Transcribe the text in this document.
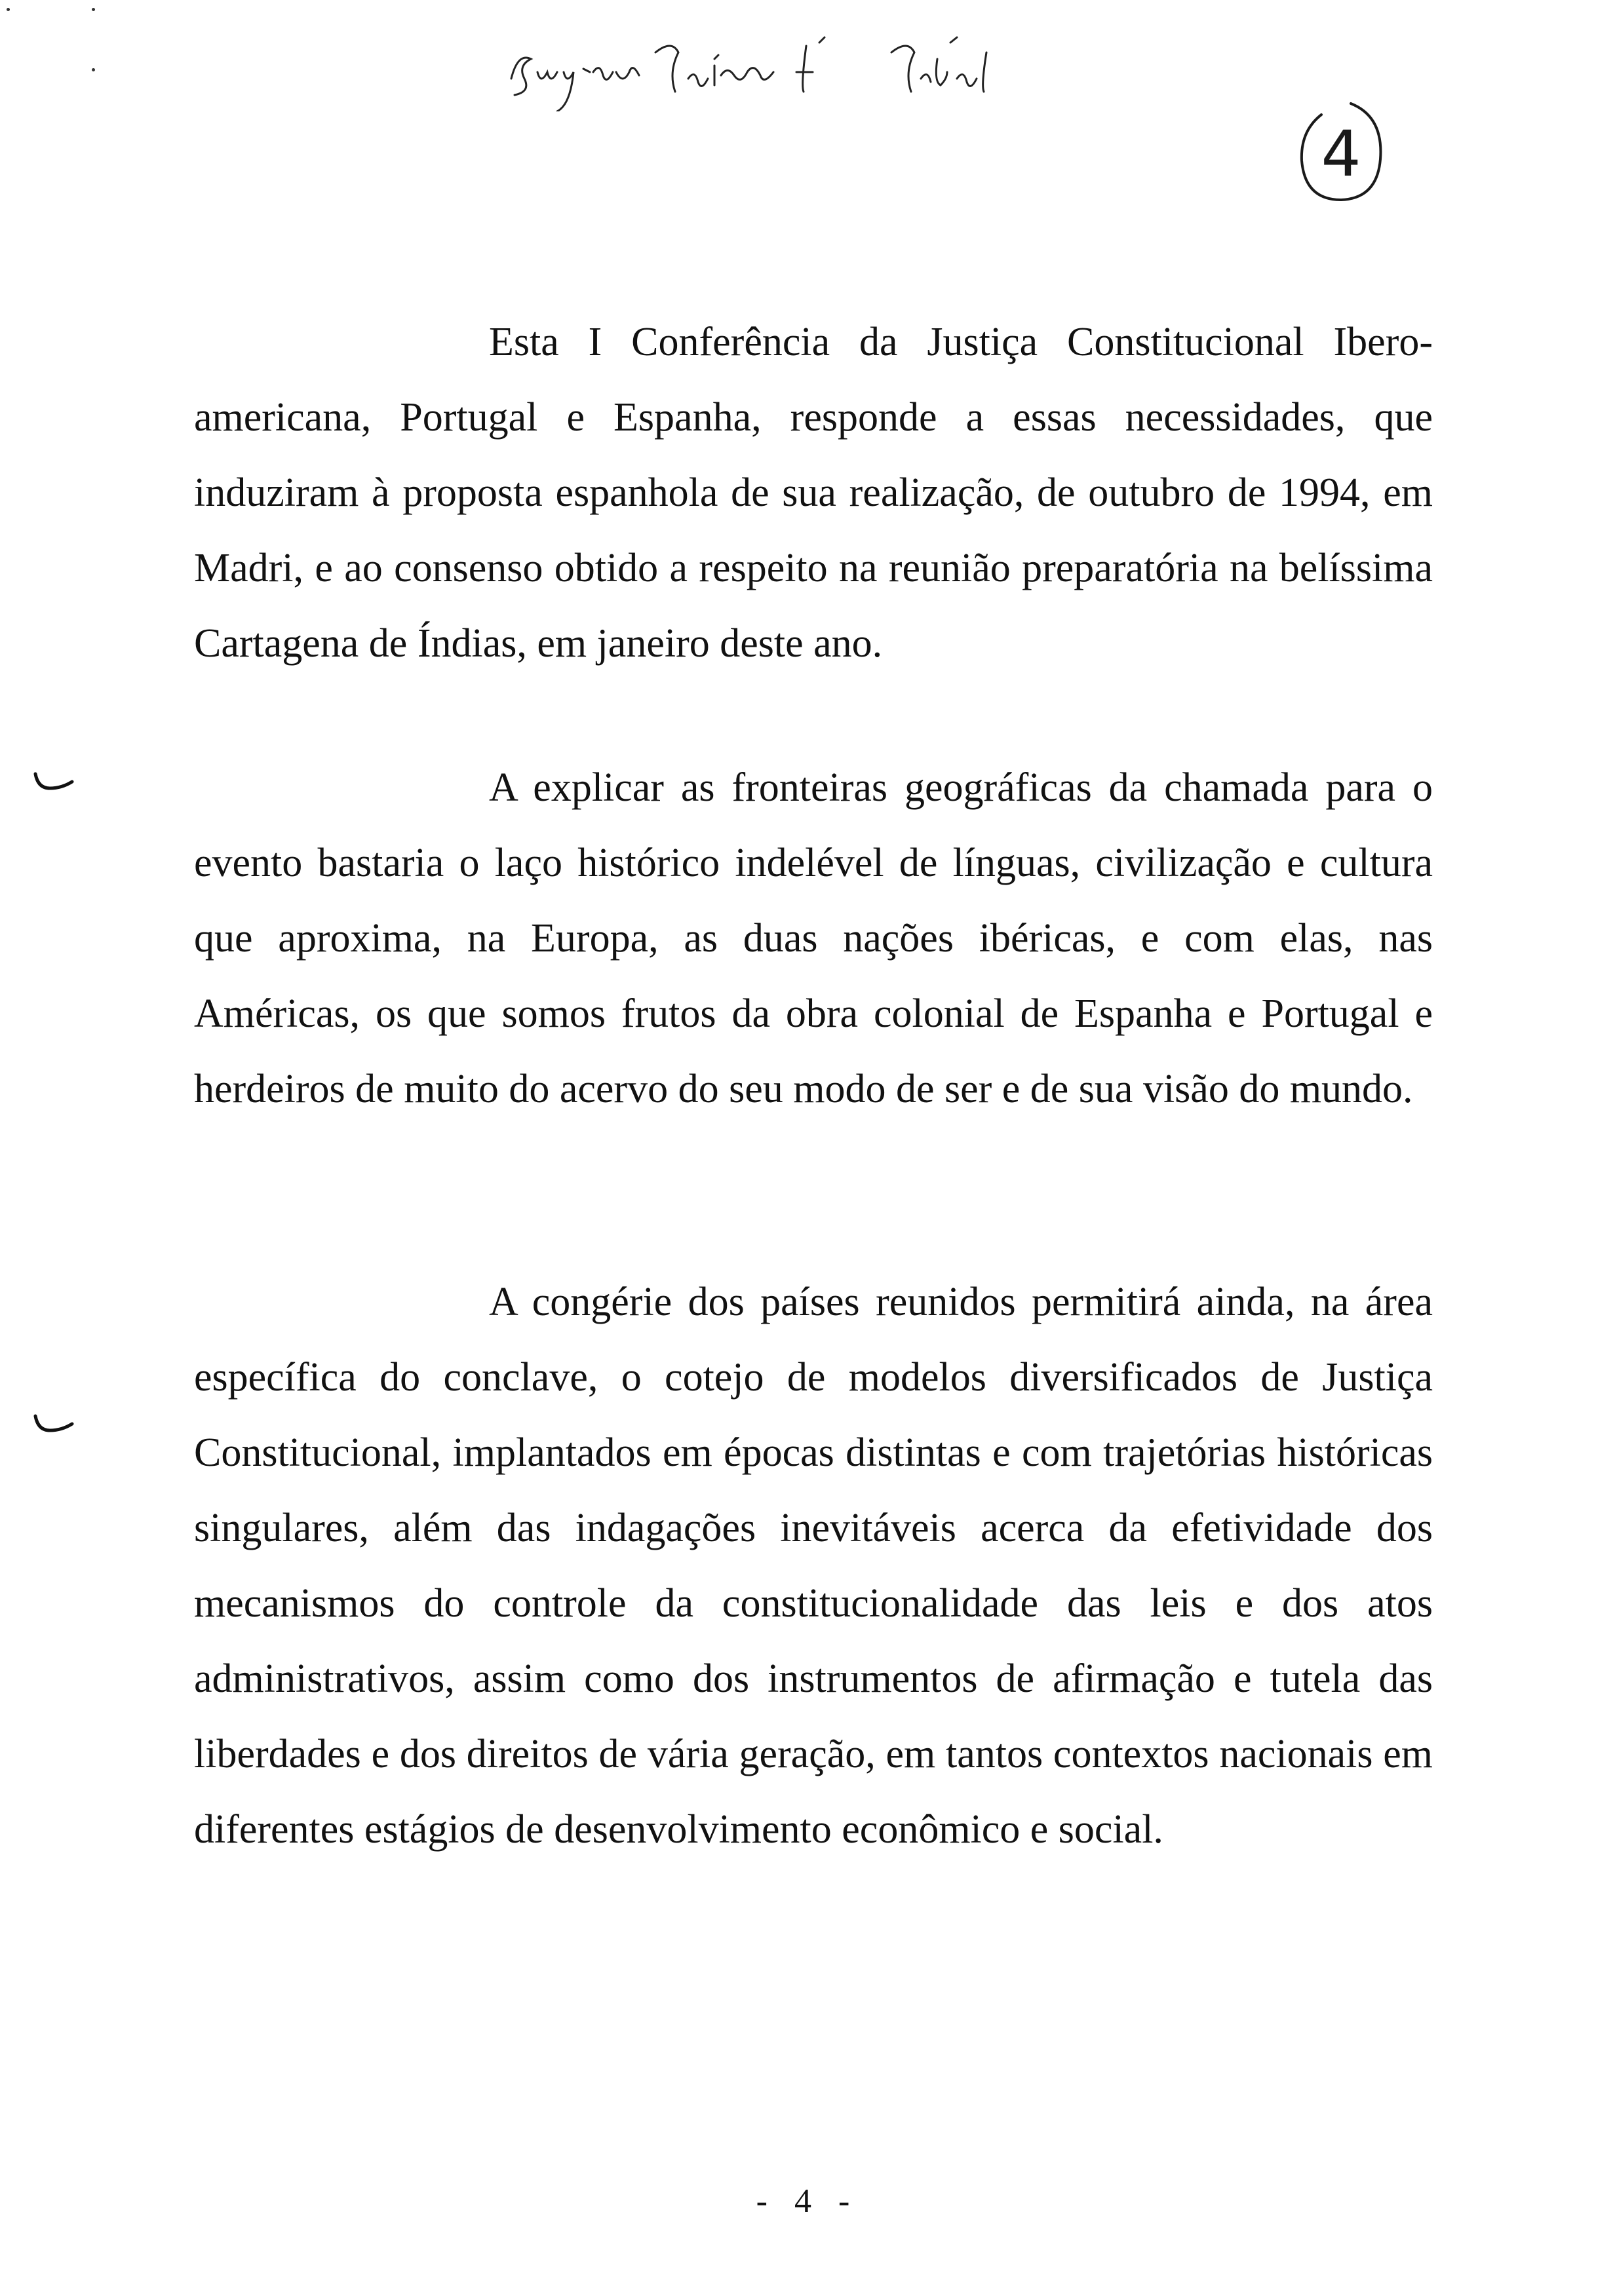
4

Esta I Conferência da Justiça Constitucional Ibero-americana, Portugal e Espanha, responde a essas necessidades, que induziram à proposta espanhola de sua realização, de outubro de 1994, em Madri, e ao consenso obtido a respeito na reunião preparatória na belíssima Cartagena de Índias, em janeiro deste ano.

A explicar as fronteiras geográficas da chamada para o evento bastaria o laço histórico indelével de línguas, civilização e cultura que aproxima, na Europa, as duas nações ibéricas, e com elas, nas Américas, os que somos frutos da obra colonial de Espanha e Portugal e herdeiros de muito do acervo do seu modo de ser e de sua visão do mundo.

A congérie dos países reunidos permitirá ainda, na área específica do conclave, o cotejo de modelos diversificados de Justiça Constitucional, implantados em épocas distintas e com trajetórias históricas singulares, além das indagações inevitáveis acerca da efetividade dos mecanismos do controle da constitucionalidade das leis e dos atos administrativos, assim como dos instrumentos de afirmação e tutela das liberdades e dos direitos de vária geração, em tantos contextos nacionais em diferentes estágios de desenvolvimento econômico e social.

- 4 -
